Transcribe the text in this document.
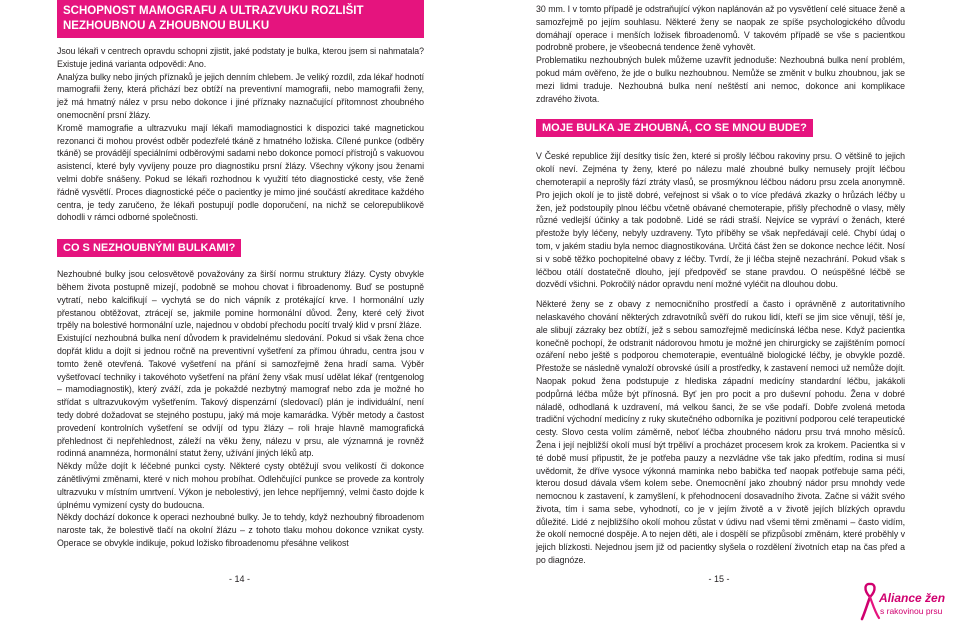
SCHOPNOST MAMOGRAFU A ULTRAZVUKU ROZLIŠIT
NEZHOUBNOU A ZHOUBNOU BULKU

Jsou lékaři v centrech opravdu schopni zjistit, jaké podstaty je bulka, kterou jsem si nahmatala? Existuje jediná varianta odpovědi: Ano.

Analýza bulky nebo jiných příznaků je jejich denním chlebem. Je veliký rozdíl, zda lékař hodnotí mamografii ženy, která přichází bez obtíží na preventivní mamografii, nebo mamografii ženy, jež má hmatný nález v prsu nebo dokonce i jiné příznaky naznačující přítomnost zhoubného onemocnění prsní žlázy.

Kromě mamografie a ultrazvuku mají lékaři mamodiagnostici k dispozici také magnetickou rezonanci či mohou provést odběr podezřelé tkáně z hmatného ložiska. Cílené punkce (odběry tkáně) se provádějí speciálními odběrovými sadami nebo dokonce pomocí přístrojů s vakuovou asistencí, které byly vyvíjeny pouze pro diagnostiku prsní žlázy. Všechny výkony jsou ženami velmi dobře snášeny. Pokud se lékaři rozhodnou k využití této diagnostické cesty, vše ženě řádně vysvětlí. Proces diagnostické péče o pacientky je mimo jiné součástí akreditace každého centra, je tedy zaručeno, že lékaři postupují podle doporučení, na nichž se celorepublikově dohodli v rámci odborné společnosti.

CO S NEZHOUBNÝMI BULKAMI?

Nezhoubné bulky jsou celosvětově považovány za širší normu struktury žlázy. Cysty obvykle během života postupně mizejí, podobně se mohou chovat i fibroadenomy. Buď se postupně vytratí, nebo kalcifikují – vychytá se do nich vápník z protékající krve. I hormonální uzly přestanou obtěžovat, ztrácejí se, jakmile pomine hormonální důvod. Ženy, které celý život trpěly na bolestivé hormonální uzle, najednou v období přechodu pocítí trvalý klid v prsní žláze.

Existující nezhoubná bulka není důvodem k pravidelnému sledování. Pokud si však žena chce dopřát klidu a dojít si jednou ročně na preventivní vyšetření za přímou úhradu, centra jsou v tomto ženě otevřená. Takové vyšetření na přání si samozřejmě žena hradí sama. Výběr vyšetřovací techniky i takovéhoto vyšetření na přání ženy však musí udělat lékař (rentgenolog – mamodiagnostik), který zváží, zda je pokaždé nezbytný mamograf nebo zda je možné ho střídat s ultrazvukovým vyšetřením. Takový dispenzární (sledovací) plán je individuální, není tedy dobré dožadovat se stejného postupu, jaký má moje kamarádka. Výběr metody a častost provedení kontrolních vyšetření se odvíjí od typu žlázy – roli hraje hlavně mamografická přehlednost či nepřehlednost, záleží na věku ženy, nálezu v prsu, ale významná je rovněž rodinná anamnéza, hormonální statut ženy, užívání jiných léků atp.

Někdy může dojít k léčebné punkci cysty. Některé cysty obtěžují svou velikostí či dokonce zánětlivými změnami, které v nich mohou probíhat. Odlehčující punkce se provede za kontroly ultrazvuku v místním umrtvení. Výkon je nebolestivý, jen lehce nepříjemný, velmi často dojde k úplnému vymizení cysty do budoucna.

Někdy dochází dokonce k operaci nezhoubné bulky. Je to tehdy, když nezhoubný fibroadenom naroste tak, že bolestivě tlačí na okolní žlázu – z tohoto tlaku mohou dokonce vznikat cysty. Operace se obvykle indikuje, pokud ložisko fibroadenomu přesáhne velikost

- 14 -

30 mm. I v tomto případě je odstraňující výkon naplánován až po vysvětlení celé situace ženě a samozřejmě po jejím souhlasu. Některé ženy se naopak ze spíše psychologického důvodu domáhají operace i menších ložisek fibroadenomů. V takovém případě se vše s pacientkou podrobně probere, je všeobecná tendence ženě vyhovět.

Problematiku nezhoubných bulek můžeme uzavřít jednoduše: Nezhoubná bulka není problém, pokud mám ověřeno, že jde o bulku nezhoubnou. Nemůže se změnit v bulku zhoubnou, jak se mezi lidmi traduje. Nezhoubná bulka není neštěstí ani nemoc, dokonce ani komplikace zdravého života.

MOJE BULKA JE ZHOUBNÁ, CO SE MNOU BUDE?

V České republice žijí desítky tisíc žen, které si prošly léčbou rakoviny prsu. O většině to jejich okolí neví. Zejména ty ženy, které po nálezu malé zhoubné bulky nemusely projít léčbou chemoterapií a neprošly fází ztráty vlasů, se prosmýknou léčbou nádoru prsu zcela anonymně. Pro jejich okolí je to jistě dobré, veřejnost si však o to více předává zkazky o hrůzách léčby u žen, jež podstoupily plnou léčbu včetně obávané chemoterapie, přišly přechodně o vlasy, měly různé vedlejší účinky a tak podobně. Lidé se rádi straší. Nejvíce se vypráví o ženách, které přestože byly léčeny, nebyly uzdraveny. Tyto příběhy se však nepředávají celé. Chybí údaj o tom, v jakém stadiu byla nemoc diagnostikována. Určitá část žen se dokonce nechce léčit. Nosí si v sobě těžko pochopitelné obavy z léčby. Tvrdí, že ji léčba stejně nezachrání. Pokud však s léčbou otálí dostatečně dlouho, její předpověď se stane pravdou. O neúspěšné léčbě se dozvědí všichni. Pokročilý nádor opravdu není možné vyléčit na dlouhou dobu.

Některé ženy se z obavy z nemocničního prostředí a často i oprávněně z autoritativního nelaskavého chování některých zdravotníků svěří do rukou lidí, kteří se jim sice věnují, těší je, ale slibují zázraky bez obtíží, jež s sebou samozřejmě medicínská léčba nese. Když pacientka konečně pochopí, že odstranit nádorovou hmotu je možné jen chirurgicky se zajištěním pomocí ozáření nebo ještě s podporou chemoterapie, eventuálně biologické léčby, je obvykle pozdě. Přestože se následně vynaloží obrovské úsilí a prostředky, k zastavení nemoci už nemůže dojít. Naopak pokud žena podstupuje z hlediska západní medicíny standardní léčbu, jakákoli podpůrná léčba může být přínosná. Byť jen pro pocit a pro duševní pohodu. Žena v dobré náladě, odhodlaná k uzdravení, má velkou šanci, že se vše podaří. Dobře zvolená metoda tradiční východní medicíny z ruky skutečného odborníka je pozitivní podporou celé terapeutické cesty. Slovo cesta volím záměrně, neboť léčba zhoubného nádoru prsu trvá mnoho měsíců. Žena i její nejbližší okolí musí být trpěliví a procházet procesem krok za krokem. Pacientka si v té době musí připustit, že je potřeba pauzy a nezvládne vše tak jako předtím, rodina si musí uvědomit, že dříve vysoce výkonná maminka nebo babička teď naopak potřebuje sama péči, kterou dosud dávala všem kolem sebe. Onemocnění jako zhoubný nádor prsu mnohdy vede nemocnou k zastavení, k zamyšlení, k přehodnocení dosavadního života. Začne si vážit svého života, tím i sama sebe, vyhodnotí, co je v jejím životě a v životě jejích blízkých opravdu důležité. Lidé z nejbližšího okolí mohou zůstat v údivu nad všemi těmi změnami – často vidím, že okolí nemocné dospěje. A to nejen děti, ale i dospělí se přizpůsobí změnám, které proběhly v jejich blízkosti. Nejednou jsem již od pacientky slyšela o rozdělení životních etap na čas před a po diagnóze.

- 15 -
Aliance žen
s rakovinou prsu
